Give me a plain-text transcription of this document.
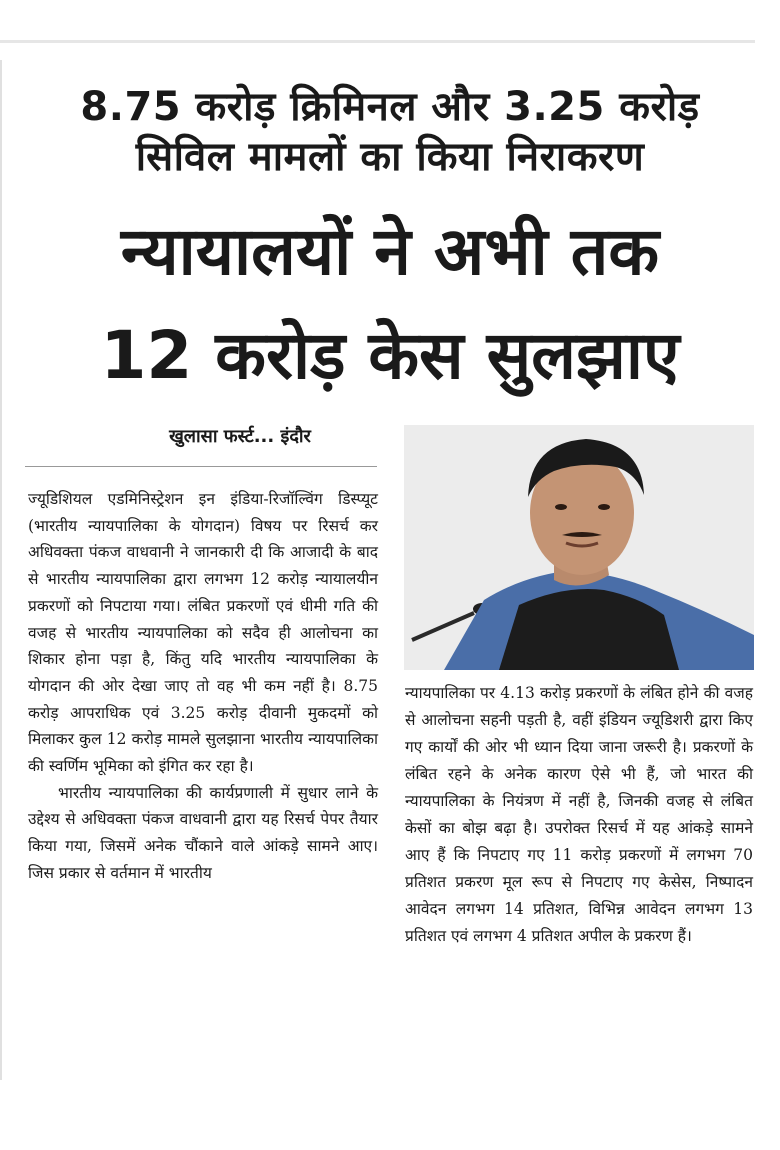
8.75 करोड़ क्रिमिनल और 3.25 करोड़
सिविल मामलों का किया निराकरण
न्यायालयों ने अभी तक
12 करोड़ केस सुलझाए
खुलासा फर्स्ट... इंदौर

ज्यूडिशियल एडमिनिस्ट्रेशन इन इंडिया-रिजॉल्विंग डिस्प्यूट (भारतीय न्यायपालिका के योगदान) विषय पर रिसर्च कर अधिवक्ता पंकज वाधवानी ने जानकारी दी कि आजादी के बाद से भारतीय न्यायपालिका द्वारा लगभग 12 करोड़ न्यायालयीन प्रकरणों को निपटाया गया। लंबित प्रकरणों एवं धीमी गति की वजह से भारतीय न्यायपालिका को सदैव ही आलोचना का शिकार होना पड़ा है, किंतु यदि भारतीय न्यायपालिका के योगदान की ओर देखा जाए तो वह भी कम नहीं है। 8.75 करोड़ आपराधिक एवं 3.25 करोड़ दीवानी मुकदमों को मिलाकर कुल 12 करोड़ मामले सुलझाना भारतीय न्यायपालिका की स्वर्णिम भूमिका को इंगित कर रहा है।

भारतीय न्यायपालिका की कार्यप्रणाली में सुधार लाने के उद्देश्य से अधिवक्ता पंकज वाधवानी द्वारा यह रिसर्च पेपर तैयार किया गया, जिसमें अनेक चौंकाने वाले आंकड़े सामने आए। जिस प्रकार से वर्तमान में भारतीय

न्यायपालिका पर 4.13 करोड़ प्रकरणों के लंबित होने की वजह से आलोचना सहनी पड़ती है, वहीं इंडियन ज्यूडिशरी द्वारा किए गए कार्यों की ओर भी ध्यान दिया जाना जरूरी है। प्रकरणों के लंबित रहने के अनेक कारण ऐसे भी हैं, जो भारत की न्यायपालिका के नियंत्रण में नहीं है, जिनकी वजह से लंबित केसों का बोझ बढ़ा है। उपरोक्त रिसर्च में यह आंकड़े सामने आए हैं कि निपटाए गए 11 करोड़ प्रकरणों में लगभग 70 प्रतिशत प्रकरण मूल रूप से निपटाए गए केसेस, निष्पादन आवेदन लगभग 14 प्रतिशत, विभिन्न आवेदन लगभग 13 प्रतिशत एवं लगभग 4 प्रतिशत अपील के प्रकरण हैं।
